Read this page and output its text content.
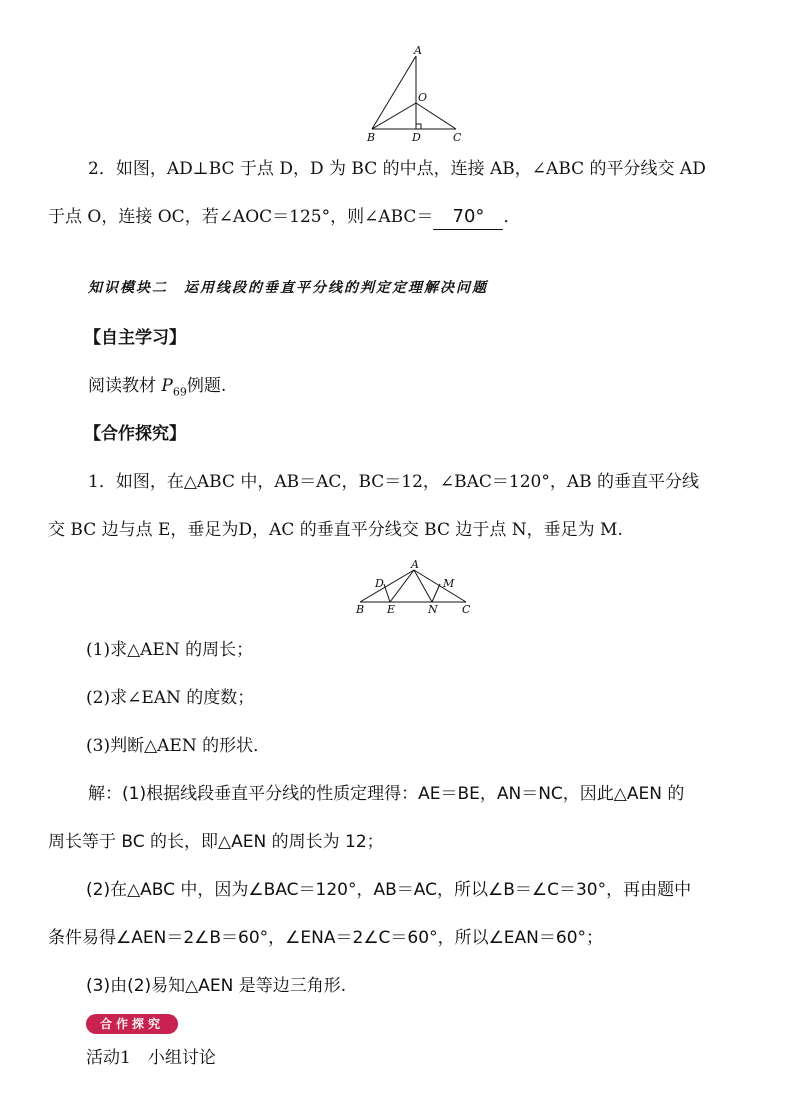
A
O
B	D	C
2．如图，AD⊥BC 于点 D，D 为 BC 的中点，连接 AB，∠ABC 的平分线交 AD
于点 O，连接 OC，若∠AOC＝125°，则∠ABC＝ 70° ．
知识模块二　运用线段的垂直平分线的判定定理解决问题
【自主学习】
阅读教材 $P_{69}$例题.
【合作探究】
1．如图，在△ABC 中，AB＝AC，BC＝12，∠BAC＝120°，AB 的垂直平分线
交 BC 边与点 E，垂足为D，AC 的垂直平分线交 BC 边于点 N，垂足为 M.
A
D	M
B E	N C
(1)求△AEN 的周长；
(2)求∠EAN 的度数；
(3)判断△AEN 的形状．
解：(1)根据线段垂直平分线的性质定理得：AE＝BE，AN＝NC，因此△AEN 的
周长等于 BC 的长，即△AEN 的周长为 12；
(2)在△ABC 中，因为∠BAC＝120°，AB＝AC，所以∠B＝∠C＝30°，再由题中
条件易得∠AEN＝2∠B＝60°，∠ENA＝2∠C＝60°，所以∠EAN＝60°；
(3)由(2)易知△AEN 是等边三角形.
合作探究
活动1　小组讨论
